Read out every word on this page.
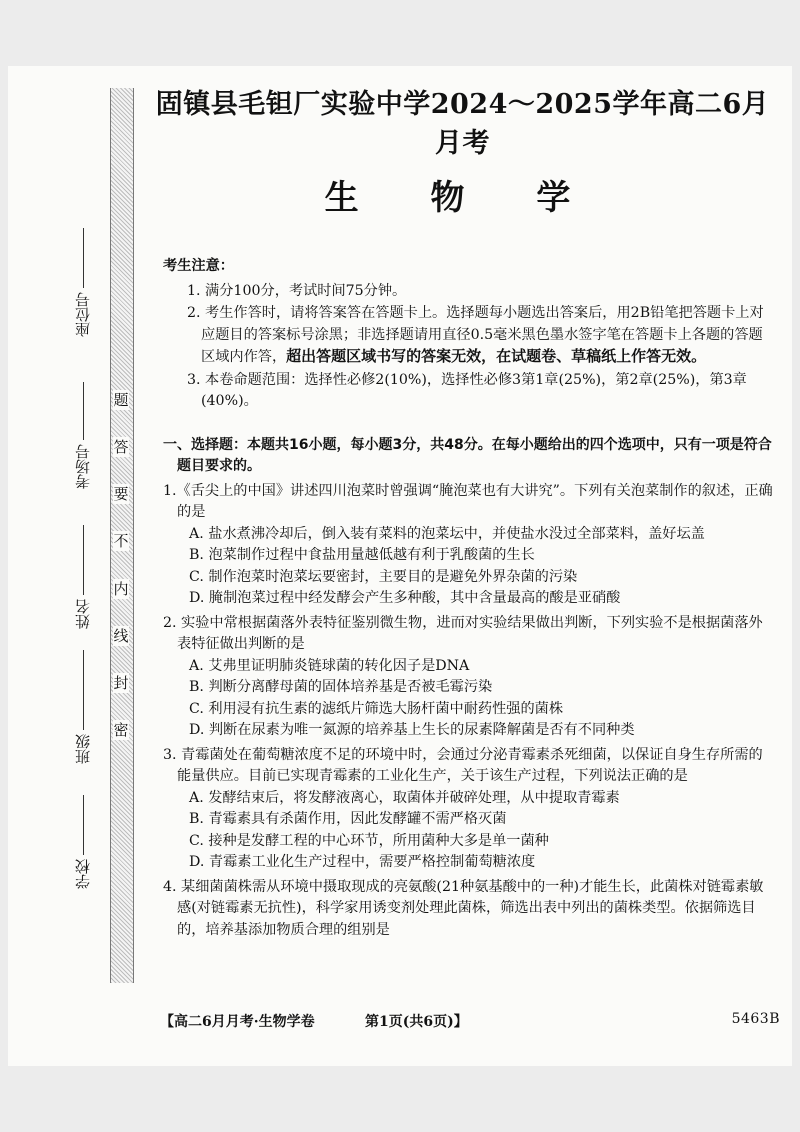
题
答
要
不
内
线
封
密
座位号
考场号
姓名
班级
学校
固镇县毛钽厂实验中学2024～2025学年高二6月月考
生 物 学
考生注意：
1. 满分100分，考试时间75分钟。
2. 考生作答时，请将答案答在答题卡上。选择题每小题选出答案后，用2B铅笔把答题卡上对应题目的答案标号涂黑；非选择题请用直径0.5毫米黑色墨水签字笔在答题卡上各题的答题区域内作答，超出答题区域书写的答案无效，在试题卷、草稿纸上作答无效。
3. 本卷命题范围：选择性必修2(10%)，选择性必修3第1章(25%)，第2章(25%)，第3章(40%)。
一、选择题：本题共16小题，每小题3分，共48分。在每小题给出的四个选项中，只有一项是符合题目要求的。
1.《舌尖上的中国》讲述四川泡菜时曾强调“腌泡菜也有大讲究”。下列有关泡菜制作的叙述，正确的是
A. 盐水煮沸冷却后，倒入装有菜料的泡菜坛中，并使盐水没过全部菜料，盖好坛盖
B. 泡菜制作过程中食盐用量越低越有利于乳酸菌的生长
C. 制作泡菜时泡菜坛要密封，主要目的是避免外界杂菌的污染
D. 腌制泡菜过程中经发酵会产生多种酸，其中含量最高的酸是亚硝酸
2. 实验中常根据菌落外表特征鉴别微生物，进而对实验结果做出判断，下列实验不是根据菌落外表特征做出判断的是
A. 艾弗里证明肺炎链球菌的转化因子是DNA
B. 判断分离酵母菌的固体培养基是否被毛霉污染
C. 利用浸有抗生素的滤纸片筛选大肠杆菌中耐药性强的菌株
D. 判断在尿素为唯一氮源的培养基上生长的尿素降解菌是否有不同种类
3. 青霉菌处在葡萄糖浓度不足的环境中时，会通过分泌青霉素杀死细菌，以保证自身生存所需的能量供应。目前已实现青霉素的工业化生产，关于该生产过程，下列说法正确的是
A. 发酵结束后，将发酵液离心，取菌体并破碎处理，从中提取青霉素
B. 青霉素具有杀菌作用，因此发酵罐不需严格灭菌
C. 接种是发酵工程的中心环节，所用菌种大多是单一菌种
D. 青霉素工业化生产过程中，需要严格控制葡萄糖浓度
4. 某细菌菌株需从环境中摄取现成的亮氨酸(21种氨基酸中的一种)才能生长，此菌株对链霉素敏感(对链霉素无抗性)，科学家用诱变剂处理此菌株，筛选出表中列出的菌株类型。依据筛选目的，培养基添加物质合理的组别是
【高二6月月考·生物学卷	第1页(共6页)】	5463B
